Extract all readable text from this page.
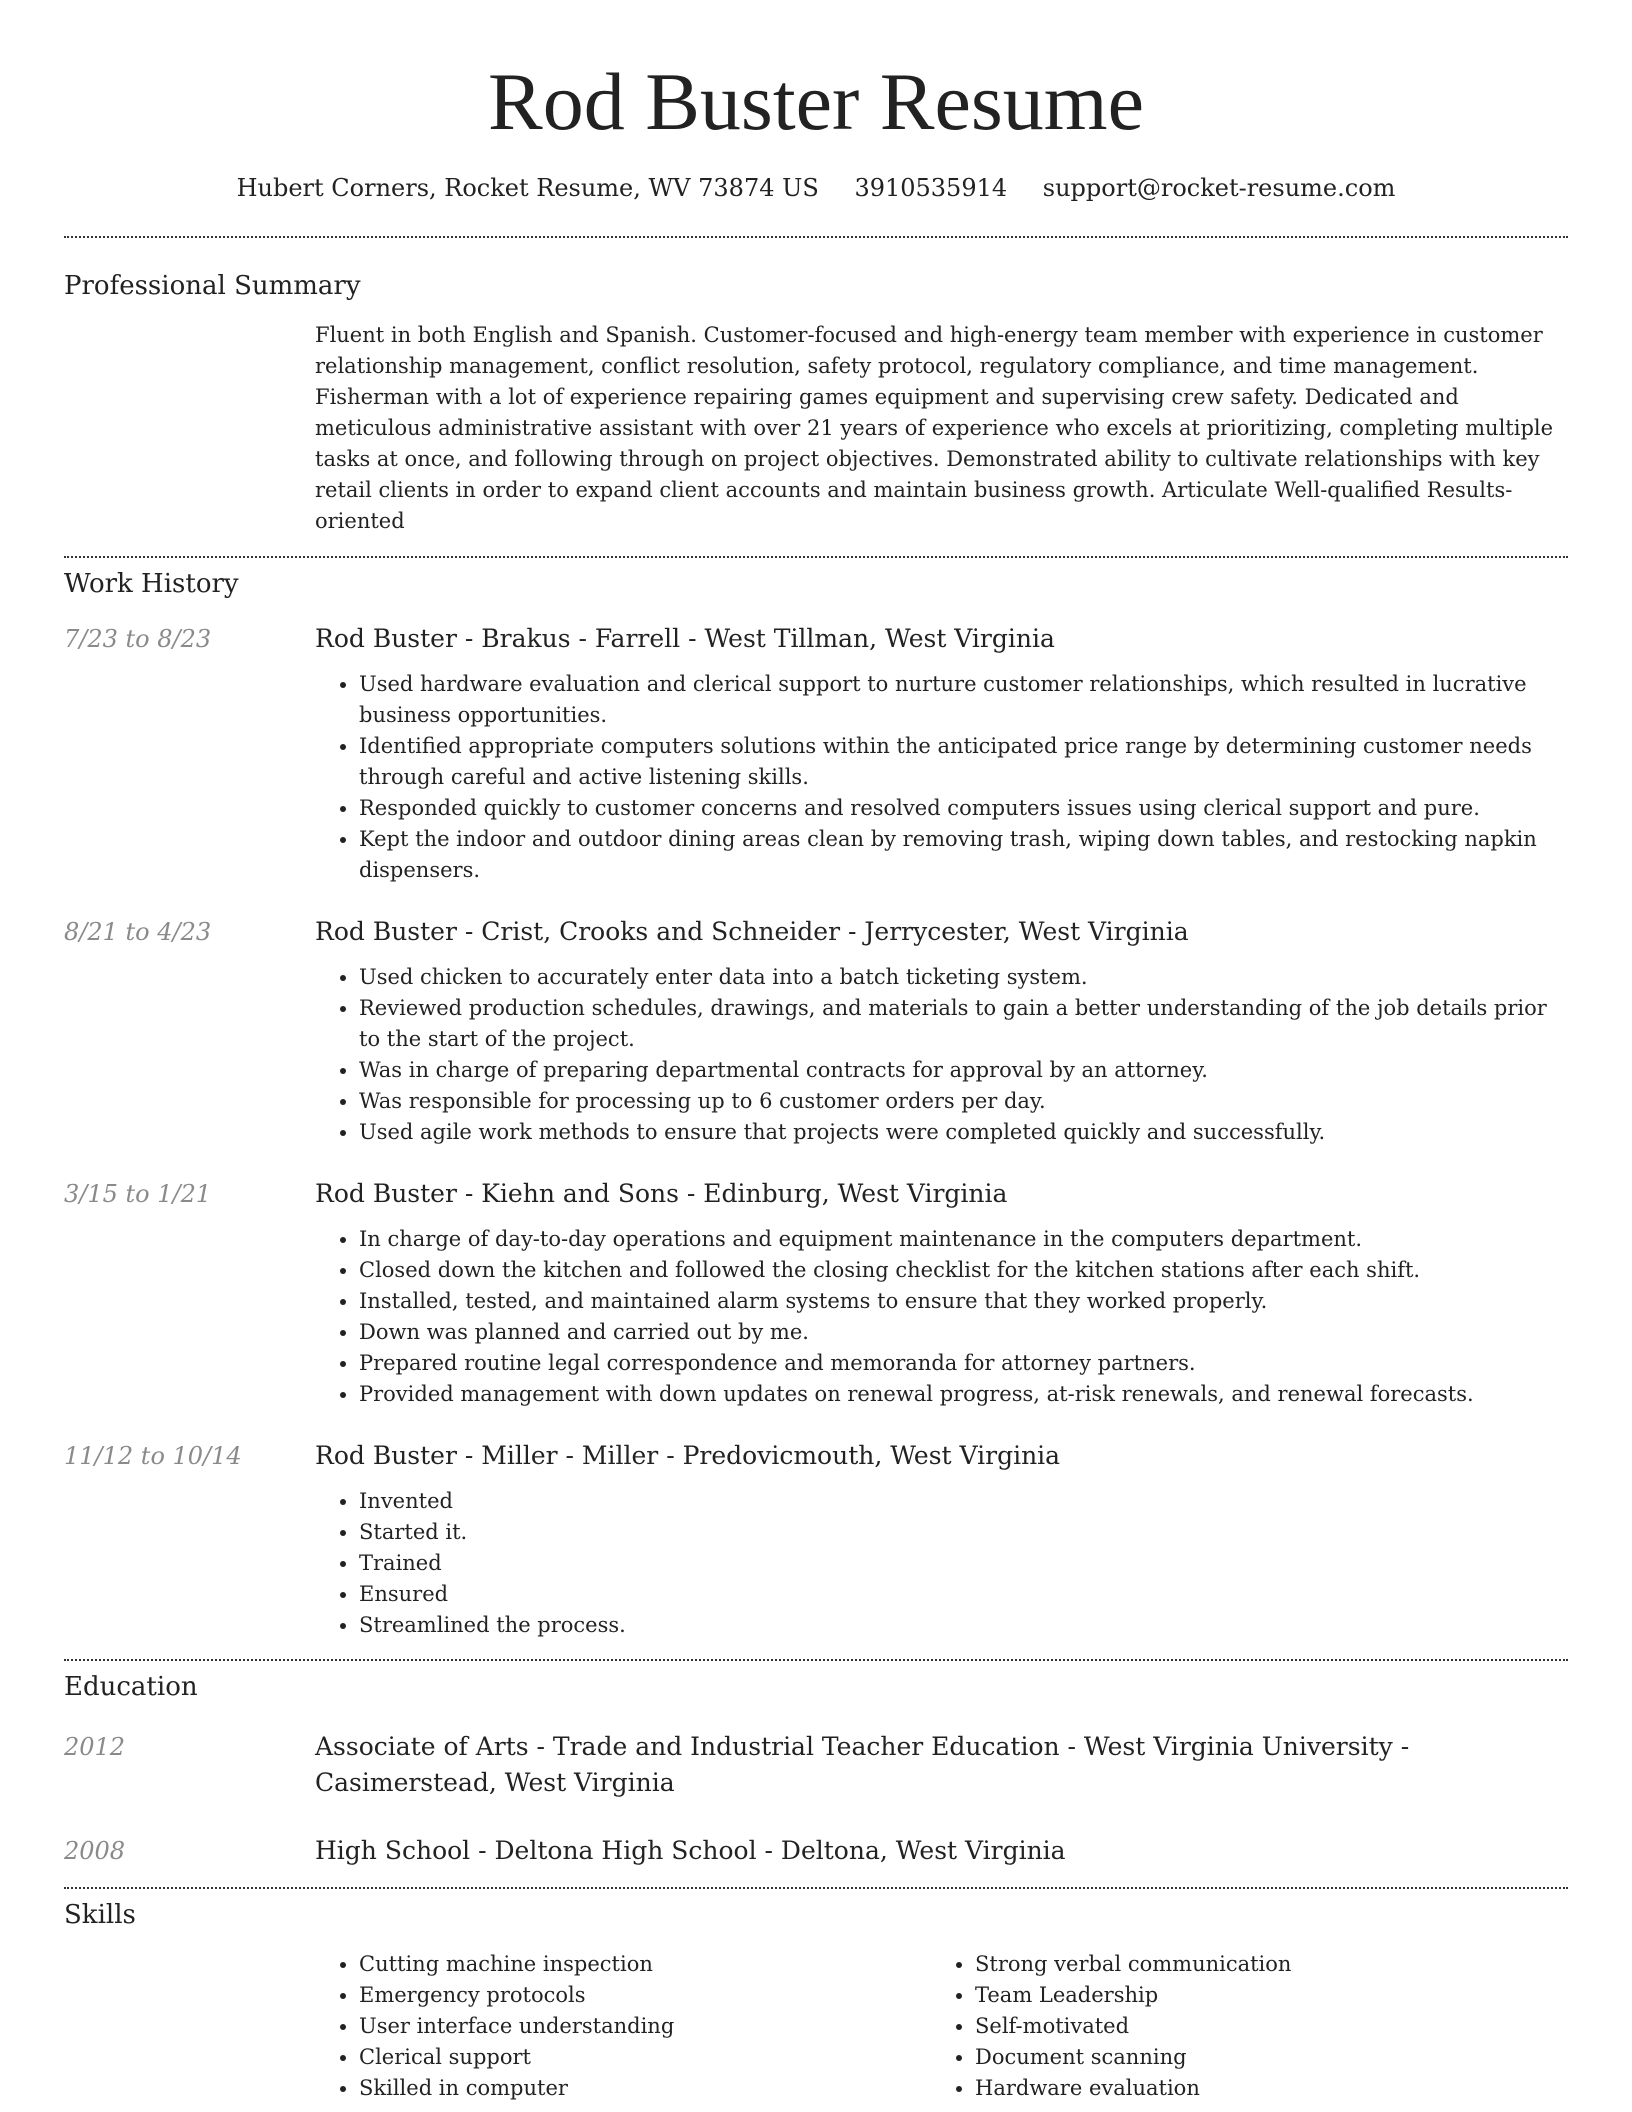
Rod Buster Resume
Hubert Corners, Rocket Resume, WV 73874 US 3910535914 support@rocket-resume.com
Professional Summary
Fluent in both English and Spanish. Customer-focused and high-energy team member with experience in customer relationship management, conflict resolution, safety protocol, regulatory compliance, and time management. Fisherman with a lot of experience repairing games equipment and supervising crew safety. Dedicated and meticulous administrative assistant with over 21 years of experience who excels at prioritizing, completing multiple tasks at once, and following through on project objectives. Demonstrated ability to cultivate relationships with key retail clients in order to expand client accounts and maintain business growth. Articulate Well-qualified Results-oriented
Work History
7/23 to 8/23	Rod Buster - Brakus - Farrell - West Tillman, West Virginia
• Used hardware evaluation and clerical support to nurture customer relationships, which resulted in lucrative business opportunities.
• Identified appropriate computers solutions within the anticipated price range by determining customer needs through careful and active listening skills.
• Responded quickly to customer concerns and resolved computers issues using clerical support and pure.
• Kept the indoor and outdoor dining areas clean by removing trash, wiping down tables, and restocking napkin dispensers.
8/21 to 4/23	Rod Buster - Crist, Crooks and Schneider - Jerrycester, West Virginia
• Used chicken to accurately enter data into a batch ticketing system.
• Reviewed production schedules, drawings, and materials to gain a better understanding of the job details prior to the start of the project.
• Was in charge of preparing departmental contracts for approval by an attorney.
• Was responsible for processing up to 6 customer orders per day.
• Used agile work methods to ensure that projects were completed quickly and successfully.
3/15 to 1/21	Rod Buster - Kiehn and Sons - Edinburg, West Virginia
• In charge of day-to-day operations and equipment maintenance in the computers department.
• Closed down the kitchen and followed the closing checklist for the kitchen stations after each shift.
• Installed, tested, and maintained alarm systems to ensure that they worked properly.
• Down was planned and carried out by me.
• Prepared routine legal correspondence and memoranda for attorney partners.
• Provided management with down updates on renewal progress, at-risk renewals, and renewal forecasts.
11/12 to 10/14	Rod Buster - Miller - Miller - Predovicmouth, West Virginia
• Invented
• Started it.
• Trained
• Ensured
• Streamlined the process.
Education
2012	Associate of Arts - Trade and Industrial Teacher Education - West Virginia University - Casimerstead, West Virginia
2008	High School - Deltona High School - Deltona, West Virginia
Skills
• Cutting machine inspection
• Emergency protocols
• User interface understanding
• Clerical support
• Skilled in computer
• Strong verbal communication
• Team Leadership
• Self-motivated
• Document scanning
• Hardware evaluation
